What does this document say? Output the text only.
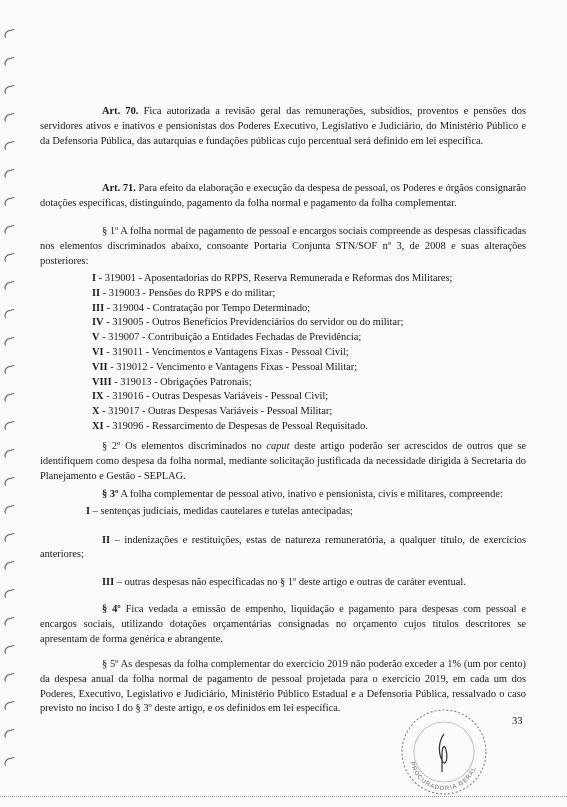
Art. 70. Fica autorizada a revisão geral das remunerações, subsídios, proventos e pensões dos servidores ativos e inativos e pensionistas dos Poderes Executivo, Legislativo e Judiciário, do Ministério Público e da Defensoria Pública, das autarquias e fundações públicas cujo percentual será definido em lei específica.

Art. 71. Para efeito da elaboração e execução da despesa de pessoal, os Poderes e órgãos consignarão dotações específicas, distinguindo, pagamento da folha normal e pagamento da folha complementar.

§ 1º A folha normal de pagamento de pessoal e encargos sociais compreende as despesas classificadas nos elementos discriminados abaixo, consoante Portaria Conjunta STN/SOF nº 3, de 2008 e suas alterações posteriores:

I - 319001 - Aposentadorias do RPPS, Reserva Remunerada e Reformas dos Militares;
II - 319003 - Pensões do RPPS e do militar;
III - 319004 - Contratação por Tempo Determinado;
IV - 319005 - Outros Benefícios Previdenciários do servidor ou do militar;
V - 319007 - Contribuição a Entidades Fechadas de Previdência;
VI - 319011 - Vencimentos e Vantagens Fixas - Pessoal Civil;
VII - 319012 - Vencimento e Vantagens Fixas - Pessoal Militar;
VIII - 319013 - Obrigações Patronais;
IX - 319016 - Outras Despesas Variáveis - Pessoal Civil;
X - 319017 - Outras Despesas Variáveis - Pessoal Militar;
XI - 319096 - Ressarcimento de Despesas de Pessoal Requisitado.

§ 2º Os elementos discriminados no caput deste artigo poderão ser acrescidos de outros que se identifiquem como despesa da folha normal, mediante solicitação justificada da necessidade dirigida à Secretaria do Planejamento e Gestão - SEPLAG.

§ 3º A folha complementar de pessoal ativo, inativo e pensionista, civis e militares, compreende:

I – sentenças judiciais, medidas cautelares e tutelas antecipadas;

II – indenizações e restituições, estas de natureza remuneratória, a qualquer título, de exercícios anteriores;

III – outras despesas não especificadas no § 1º deste artigo e outras de caráter eventual.

§ 4º Fica vedada a emissão de empenho, liquidação e pagamento para despesas com pessoal e encargos sociais, utilizando dotações orçamentárias consignadas no orçamento cujos títulos descritores se apresentam de forma genérica e abrangente.

§ 5º As despesas da folha complementar do exercício 2019 não poderão exceder a 1% (um por cento) da despesa anual da folha normal de pagamento de pessoal projetada para o exercício 2019, em cada um dos Poderes, Executivo, Legislativo e Judiciário, Ministério Público Estadual e a Defensoria Pública, ressalvado o caso previsto no inciso I do § 3º deste artigo, e os definidos em lei específica.

PROCURADORIA GERAL
33
